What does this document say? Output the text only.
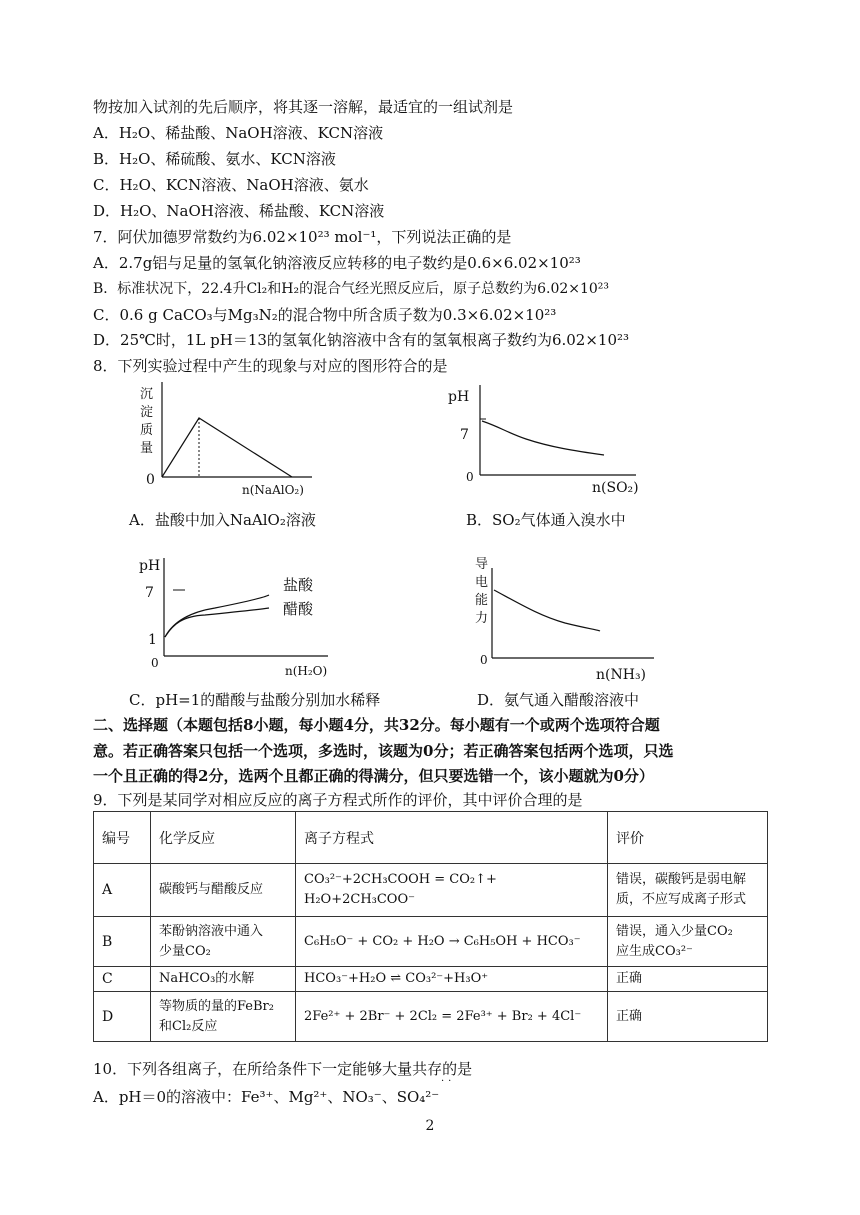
物按加入试剂的先后顺序，将其逐一溶解，最适宜的一组试剂是
A．H₂O、稀盐酸、NaOH溶液、KCN溶液
B．H₂O、稀硫酸、氨水、KCN溶液
C．H₂O、KCN溶液、NaOH溶液、氨水
D．H₂O、NaOH溶液、稀盐酸、KCN溶液
7．阿伏加德罗常数约为6.02×10²³ mol⁻¹，下列说法正确的是
A．2.7g铝与足量的氢氧化钠溶液反应转移的电子数约是0.6×6.02×10²³
B．标准状况下，22.4升Cl₂和H₂的混合气经光照反应后，原子总数约为6.02×10²³
C．0.6 g CaCO₃与Mg₃N₂的混合物中所含质子数为0.3×6.02×10²³
D．25℃时，1L pH＝13的氢氧化钠溶液中含有的氢氧根离子数约为6.02×10²³
8．下列实验过程中产生的现象与对应的图形符合的是
沉
淀
质
量
0
n(NaAlO₂)
A．盐酸中加入NaAlO₂溶液
pH
7
0
n(SO₂)
B．SO₂气体通入溴水中
pH
7
1
盐酸
醋酸
0
n(H₂O)
C．pH=1的醋酸与盐酸分别加水稀释
导
电
能
力
0
n(NH₃)
D．氨气通入醋酸溶液中
二、选择题（本题包括8小题，每小题4分，共32分。每小题有一个或两个选项符合题
意。若正确答案只包括一个选项，多选时，该题为0分；若正确答案包括两个选项，只选
一个且正确的得2分，选两个且都正确的得满分，但只要选错一个，该小题就为0分）
9．下列是某同学对相应反应的离子方程式所作的评价，其中评价合理的是
编号	化学反应	离子方程式	评价
A	碳酸钙与醋酸反应	CO₃²⁻+2CH₃COOH = CO₂↑+ H₂O+2CH₃COO⁻	错误，碳酸钙是弱电解
质，不应写成离子形式
B	苯酚钠溶液中通入
少量CO₂	C₆H₅O⁻ + CO₂ + H₂O → C₆H₅OH + HCO₃⁻	错误，通入少量CO₂
应生成CO₃²⁻
C	NaHCO₃的水解	HCO₃⁻+H₂O ⇌ CO₃²⁻+H₃O⁺	正确
D	等物质的量的FeBr₂
和Cl₂反应	2Fe²⁺ + 2Br⁻ + 2Cl₂ = 2Fe³⁺ + Br₂ + 4Cl⁻	正确
10．下列各组离子，在所给条件下一定能够大量共存的是
··
A．pH＝0的溶液中：Fe³⁺、Mg²⁺、NO₃⁻、SO₄²⁻
2
